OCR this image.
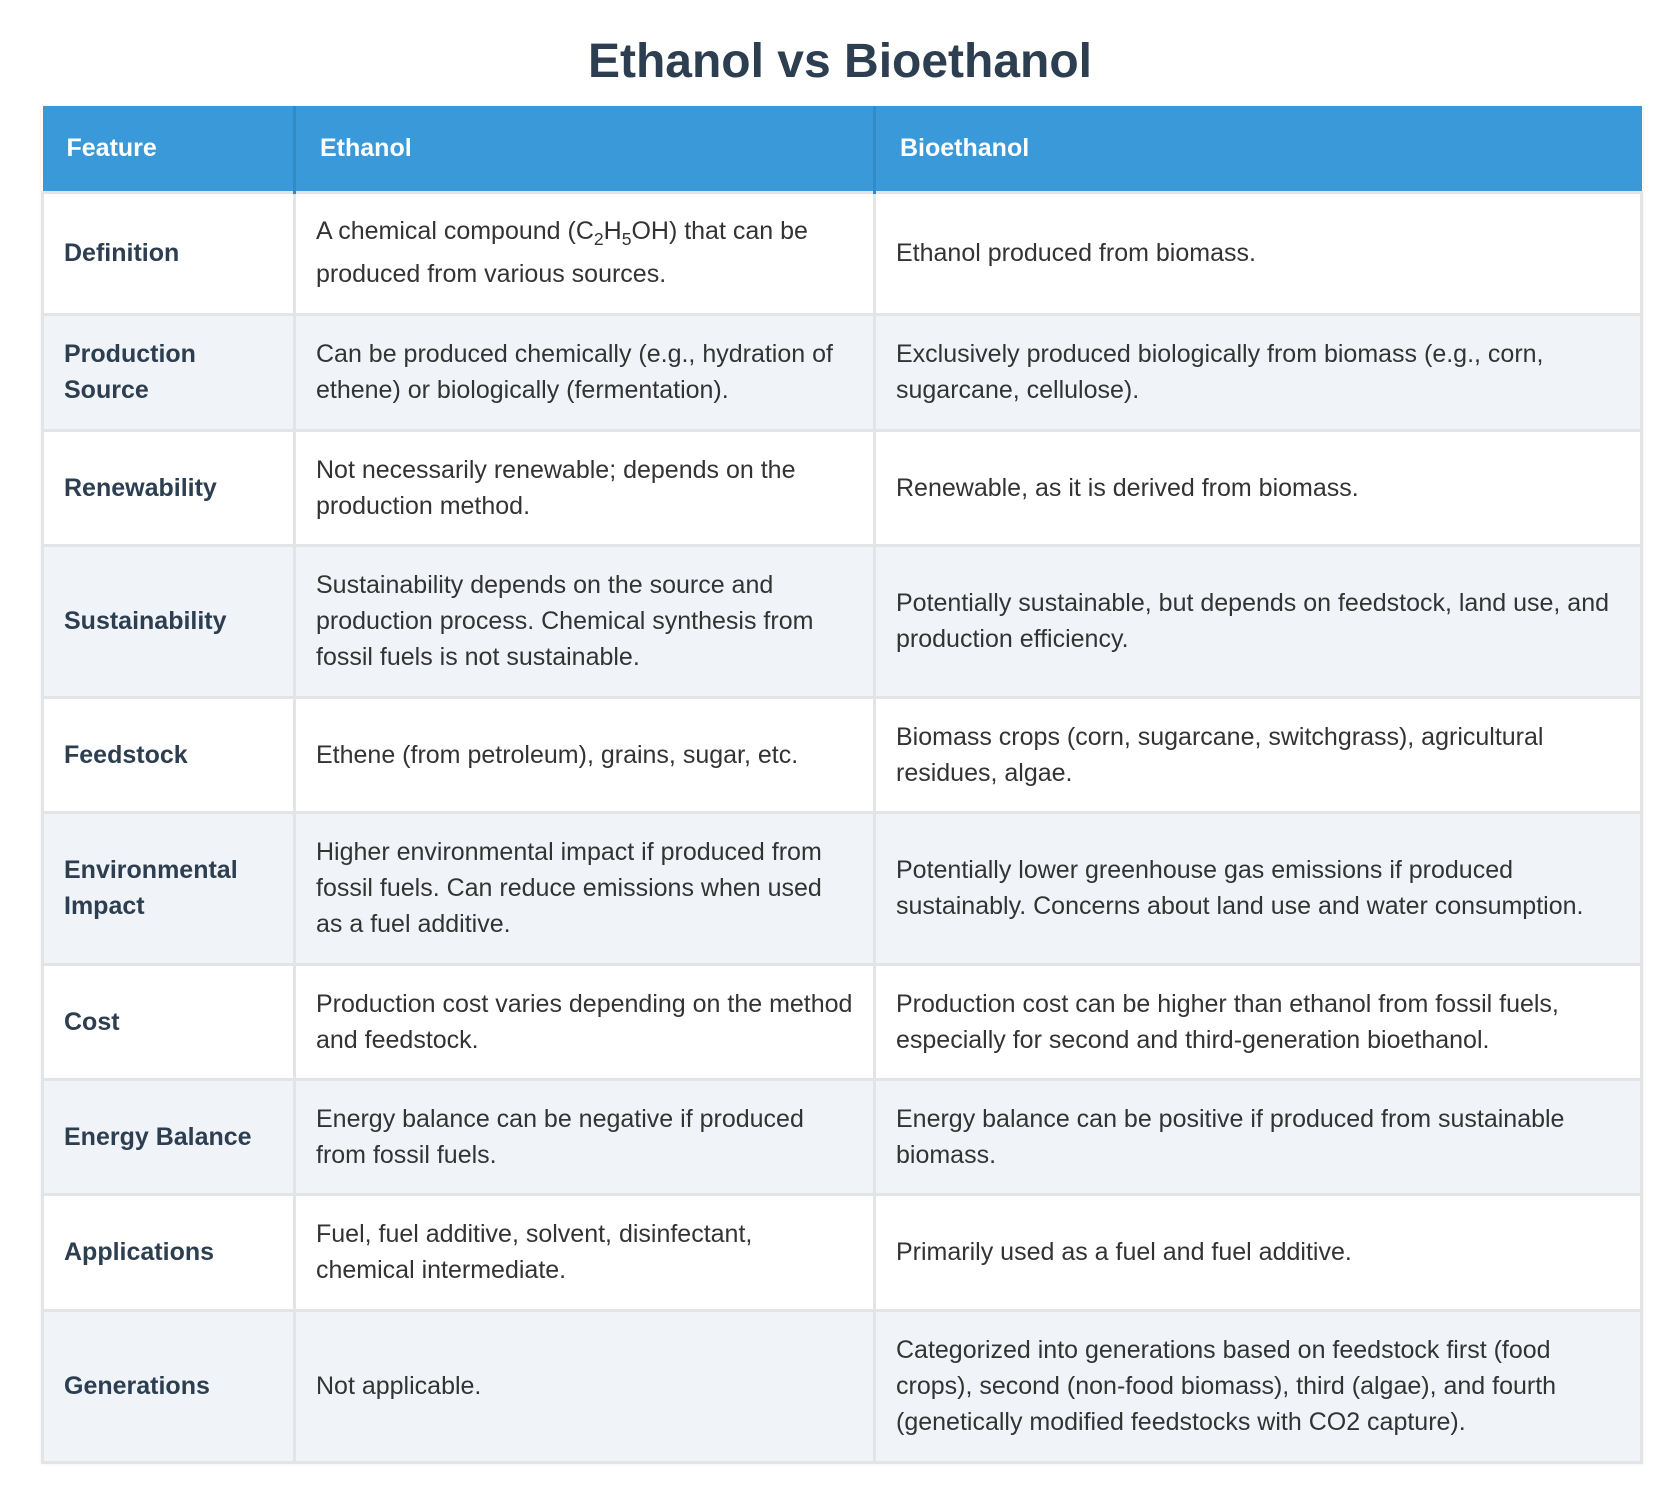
Ethanol vs Bioethanol
Feature	Ethanol	Bioethanol
Definition	A chemical compound $(C_2H_5OH)$ that can be produced from various sources.	Ethanol produced from biomass.
Production Source	Can be produced chemically (e.g., hydration of ethene) or biologically (fermentation).	Exclusively produced biologically from biomass (e.g., corn, sugarcane, cellulose).
Renewability	Not necessarily renewable; depends on the production method.	Renewable, as it is derived from biomass.
Sustainability	Sustainability depends on the source and production process. Chemical synthesis from fossil fuels is not sustainable.	Potentially sustainable, but depends on feedstock, land use, and production efficiency.
Feedstock	Ethene (from petroleum), grains, sugar, etc.	Biomass crops (corn, sugarcane, switchgrass), agricultural residues, algae.
Environmental Impact	Higher environmental impact if produced from fossil fuels. Can reduce emissions when used as a fuel additive.	Potentially lower greenhouse gas emissions if produced sustainably. Concerns about land use and water consumption.
Cost	Production cost varies depending on the method and feedstock.	Production cost can be higher than ethanol from fossil fuels, especially for second and third-generation bioethanol.
Energy Balance	Energy balance can be negative if produced from fossil fuels.	Energy balance can be positive if produced from sustainable biomass.
Applications	Fuel, fuel additive, solvent, disinfectant, chemical intermediate.	Primarily used as a fuel and fuel additive.
Generations	Not applicable.	Categorized into generations based on feedstock first (food crops), second (non-food biomass), third (algae), and fourth (genetically modified feedstocks with CO2 capture).
